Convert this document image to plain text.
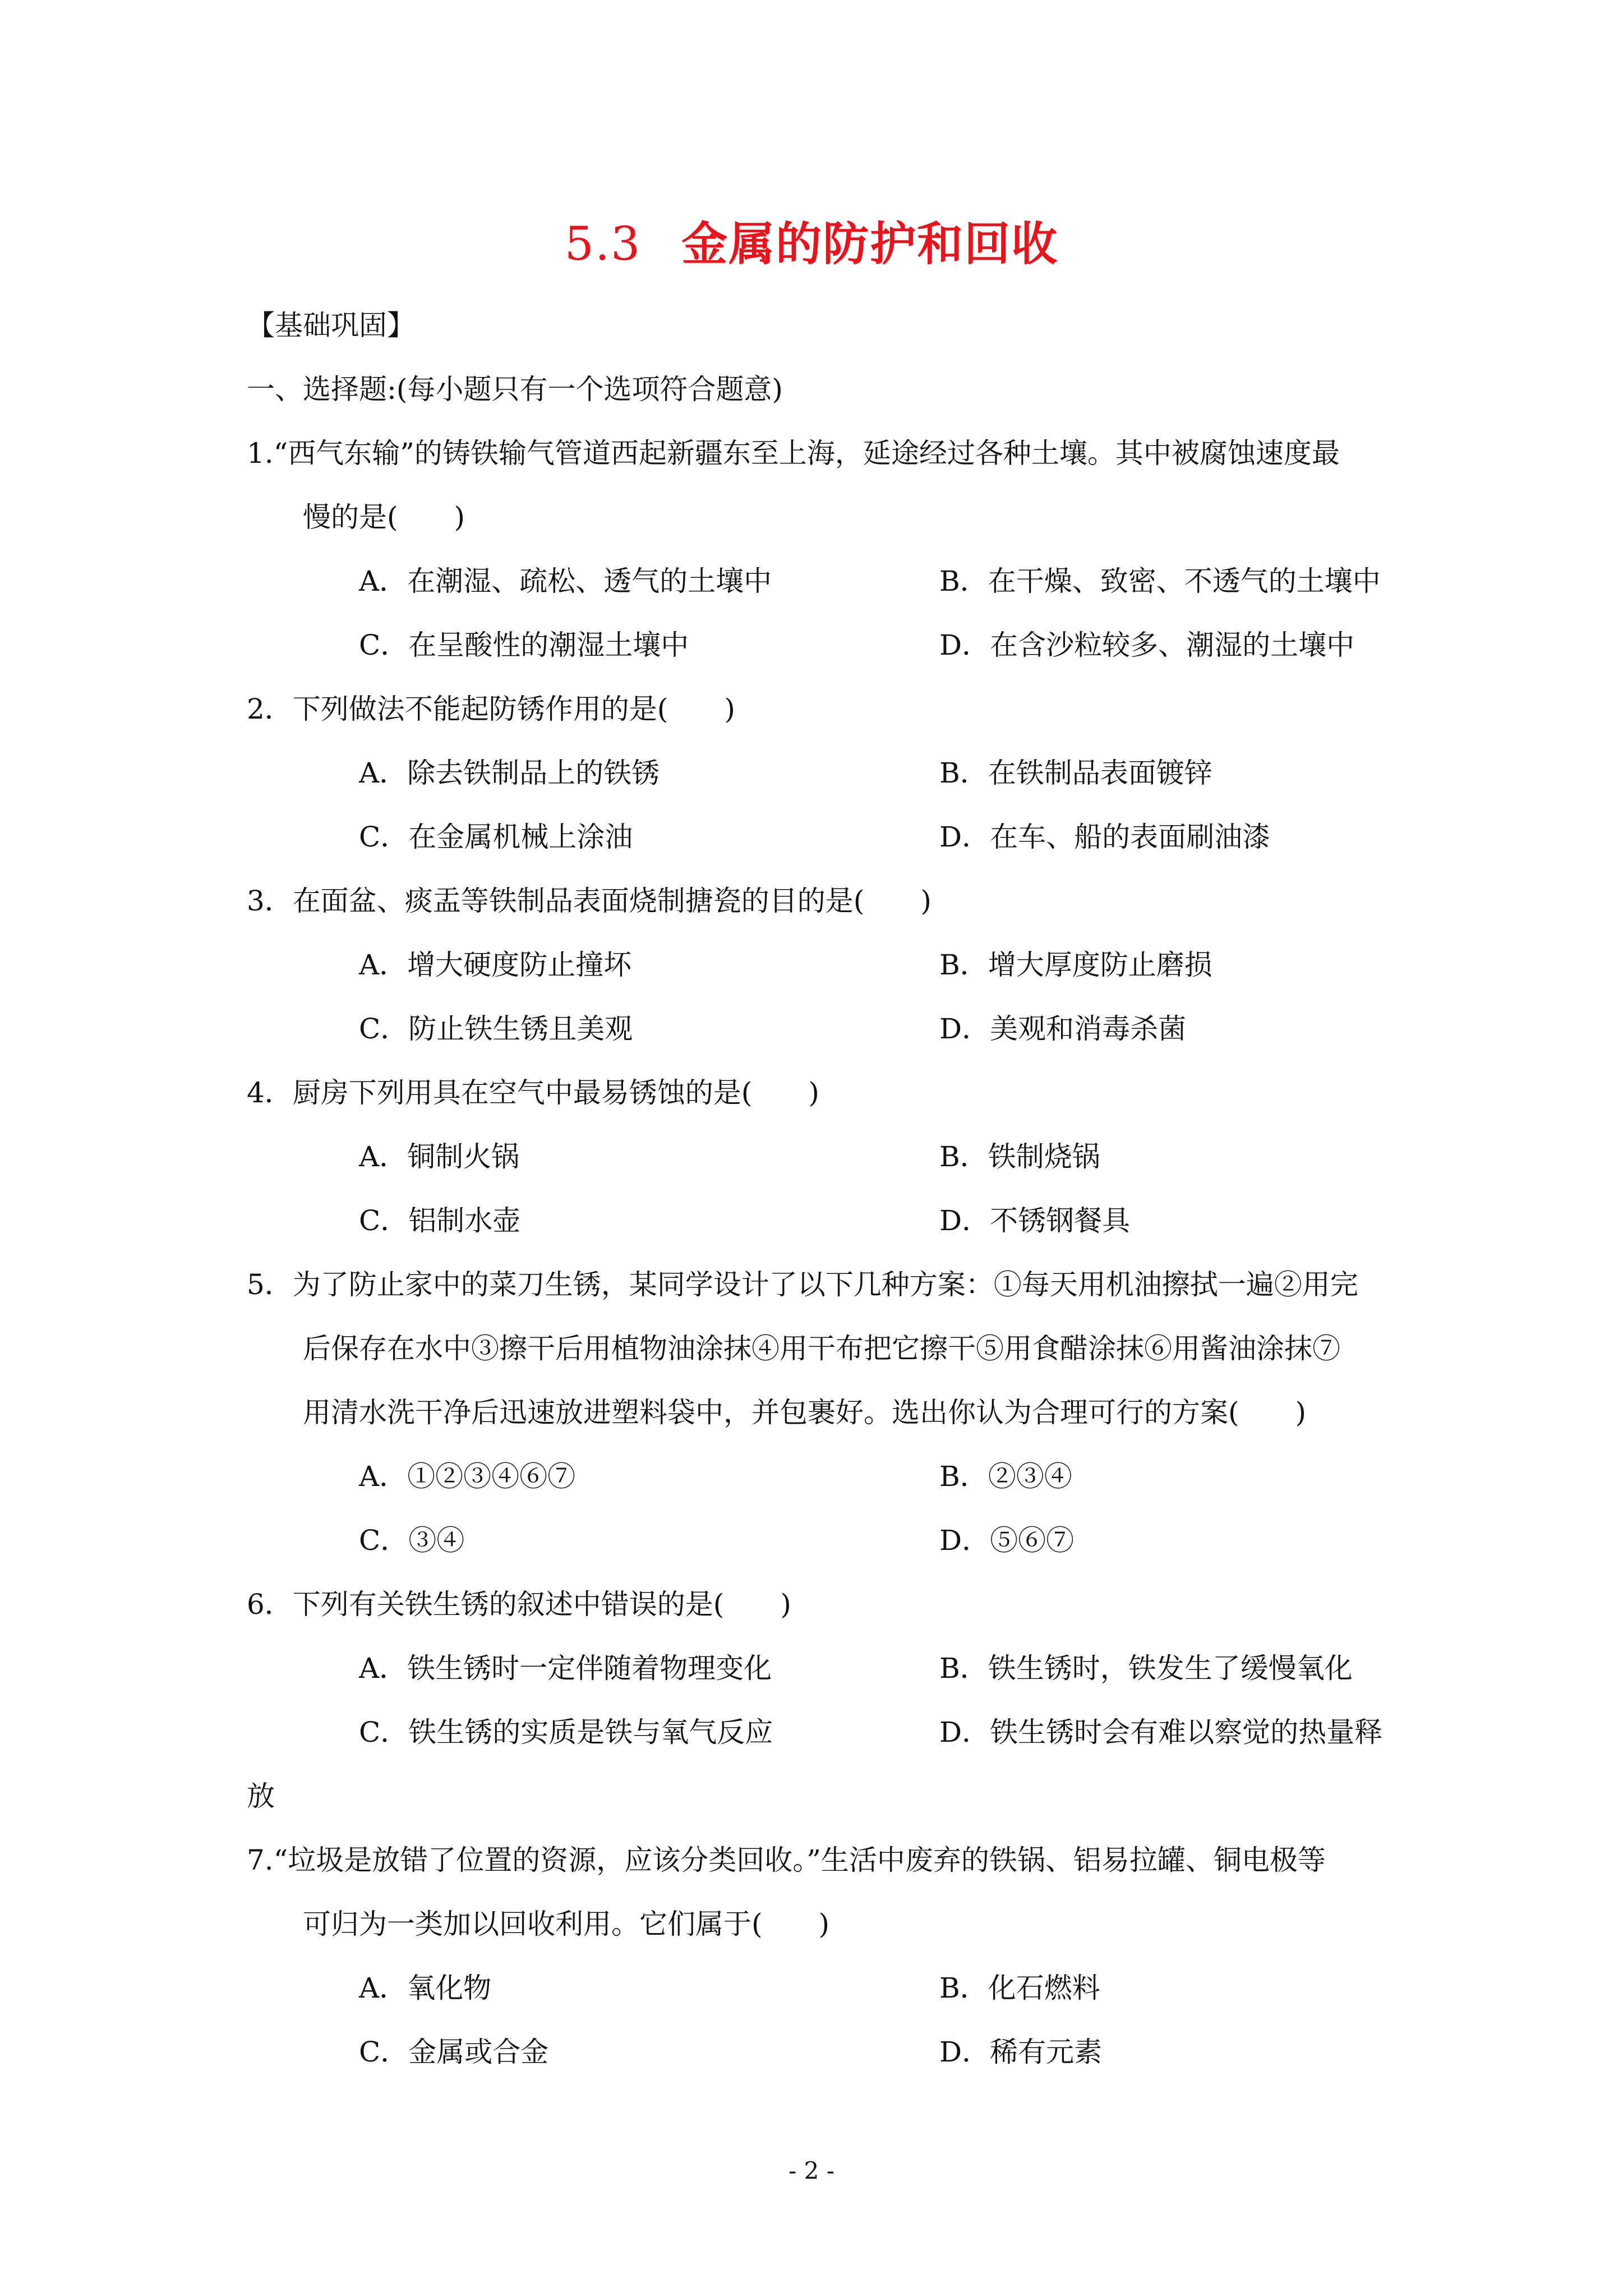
5.3 金属的防护和回收
【基础巩固】
一、选择题:(每小题只有一个选项符合题意)
1.“西气东输”的铸铁输气管道西起新疆东至上海，延途经过各种土壤。其中被腐蚀速度最
慢的是(　　)
A．在潮湿、疏松、透气的土壤中	B．在干燥、致密、不透气的土壤中
C．在呈酸性的潮湿土壤中	D．在含沙粒较多、潮湿的土壤中
2．下列做法不能起防锈作用的是(　　)
A．除去铁制品上的铁锈	B．在铁制品表面镀锌
C．在金属机械上涂油	D．在车、船的表面刷油漆
3．在面盆、痰盂等铁制品表面烧制搪瓷的目的是(　　)
A．增大硬度防止撞坏	B．增大厚度防止磨损
C．防止铁生锈且美观	D．美观和消毒杀菌
4．厨房下列用具在空气中最易锈蚀的是(　　)
A．铜制火锅	B．铁制烧锅
C．铝制水壶	D．不锈钢餐具
5．为了防止家中的菜刀生锈，某同学设计了以下几种方案：①每天用机油擦拭一遍②用完
后保存在水中③擦干后用植物油涂抹④用干布把它擦干⑤用食醋涂抹⑥用酱油涂抹⑦
用清水洗干净后迅速放进塑料袋中，并包裹好。选出你认为合理可行的方案(　　)
A．①②③④⑥⑦	B．②③④
C．③④	D．⑤⑥⑦
6．下列有关铁生锈的叙述中错误的是(　　)
A．铁生锈时一定伴随着物理变化	B．铁生锈时，铁发生了缓慢氧化
C．铁生锈的实质是铁与氧气反应	D．铁生锈时会有难以察觉的热量释
放
7.“垃圾是放错了位置的资源，应该分类回收。”生活中废弃的铁锅、铝易拉罐、铜电极等
可归为一类加以回收利用。它们属于(　　)
A．氧化物	B．化石燃料
C．金属或合金	D．稀有元素
- 2 -
